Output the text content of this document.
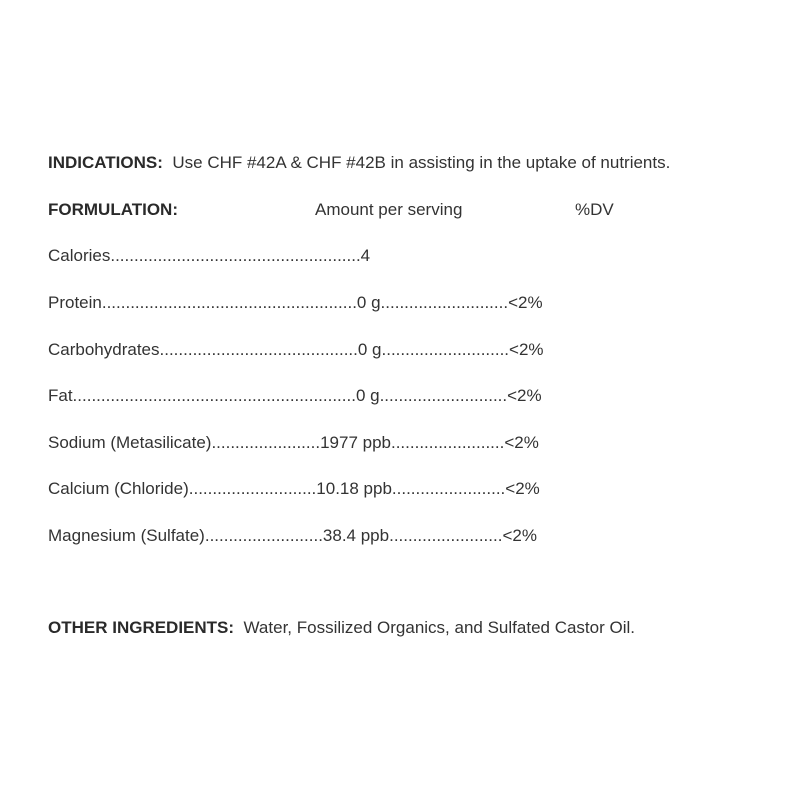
INDICATIONS: Use CHF #42A & CHF #42B in assisting in the uptake of nutrients.
FORMULATION:	Amount per serving	%DV
Calories.....................................................4
Protein......................................................0 g...........................<2%
Carbohydrates..........................................0 g...........................<2%
Fat............................................................0 g...........................<2%
Sodium (Metasilicate).......................1977 ppb........................<2%
Calcium (Chloride)...........................10.18 ppb........................<2%
Magnesium (Sulfate).........................38.4 ppb........................<2%
OTHER INGREDIENTS: Water, Fossilized Organics, and Sulfated Castor Oil.
